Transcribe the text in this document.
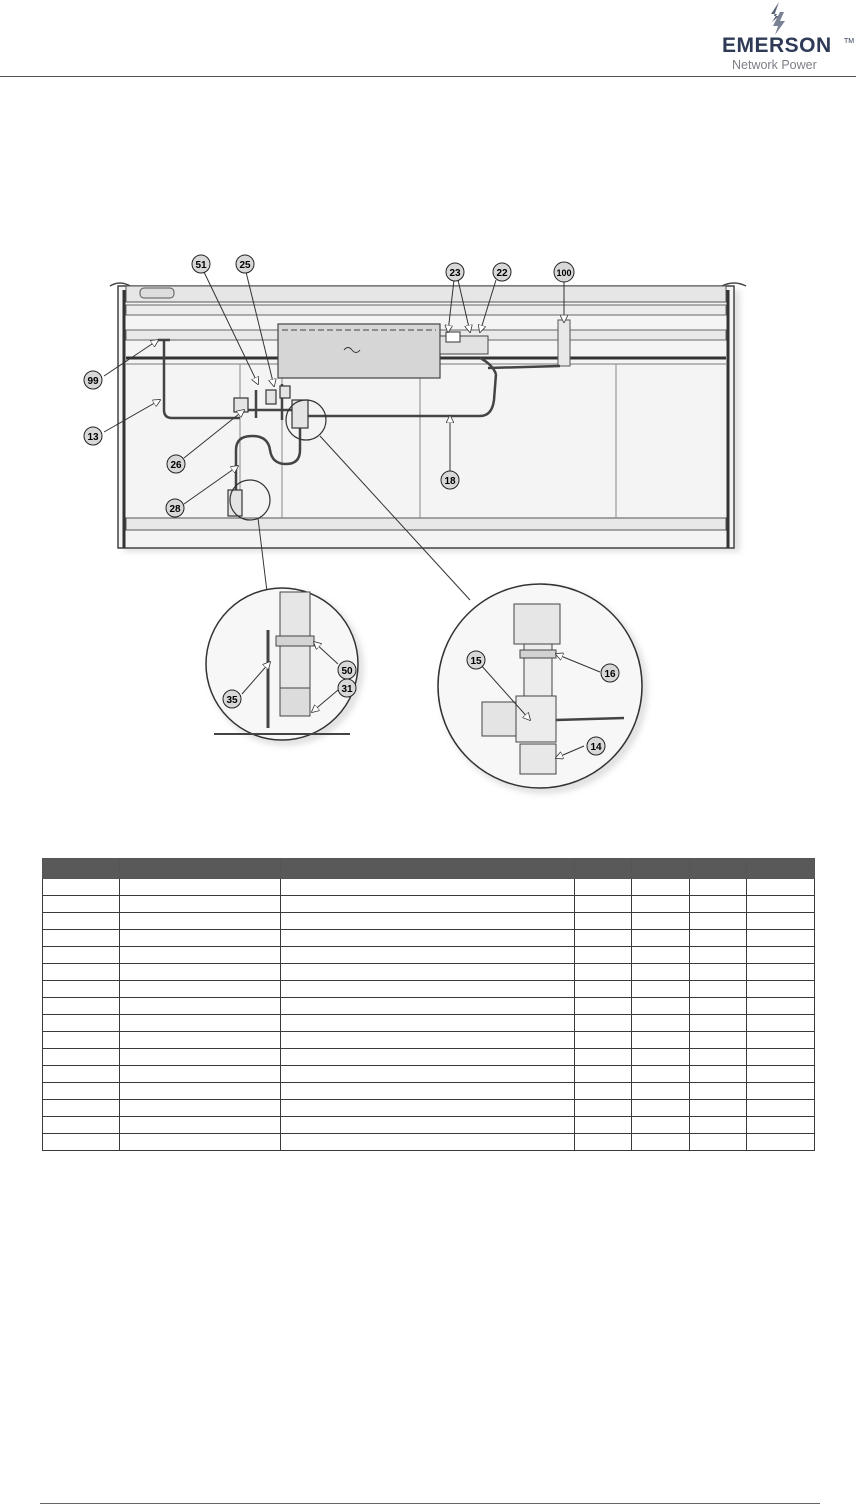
EMERSON TM
Network Power
51	25
23	22	100
99
13
26
18
28
50
35
31
15
16
14
